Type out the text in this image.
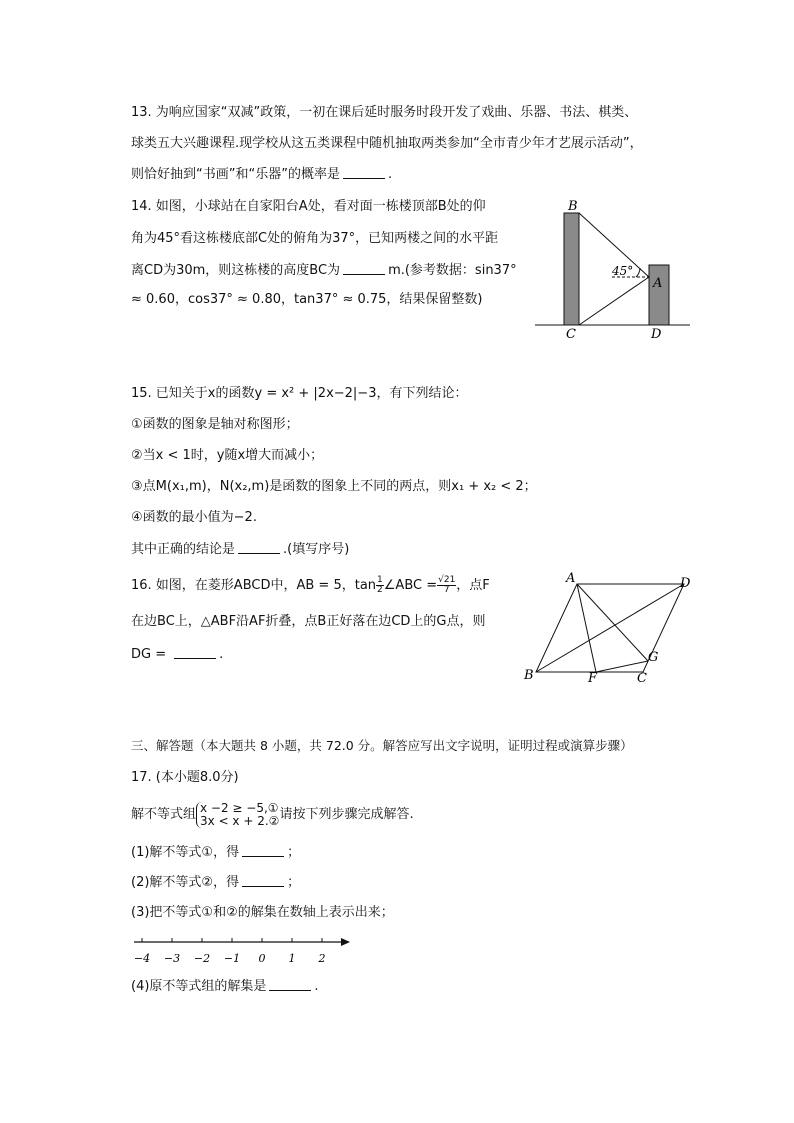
13. 为响应国家“双减”政策，一初在课后延时服务时段开发了戏曲、乐器、书法、棋类、
球类五大兴趣课程.现学校从这五类课程中随机抽取两类参加“全市青少年才艺展示活动”，
则恰好抽到“书画”和“乐器”的概率是	.
14. 如图，小球站在自家阳台A处，看对面一栋楼顶部B处的仰
角为45°看这栋楼底部C处的俯角为37°，已知两楼之间的水平距
离CD为30m，则这栋楼的高度BC为	m.(参考数据：sin37°
≈ 0.60，cos37° ≈ 0.80，tan37° ≈ 0.75，结果保留整数)
B
A
C	D
45°
15. 已知关于x的函数y = x² + |2x−2|−3，有下列结论：
①函数的图象是轴对称图形；
②当x < 1时，y随x增大而减小；
③点M(x₁,m)，N(x₂,m)是函数的图象上不同的两点，则x₁ + x₂ < 2；
④函数的最小值为−2.
其中正确的结论是	.(填写序号)
16. 如图，在菱形ABCD中，AB = 5，$\tan \frac{1}{2}$ ∠ABC = $\frac{√21}{7}$ ，点F
在边BC上，△ABF沿AF折叠，点B正好落在边CD上的G点，则
DG =	.
A	D
B	F	C
G
三、解答题（本大题共 8 小题，共 72.0 分。解答应写出文字说明，证明过程或演算步骤）
17. (本小题8.0分)
解不等式组 x −2 ≥ −5,①
3x < x + 2.② 请按下列步骤完成解答.
(1)解不等式①，得	；
(2)解不等式②，得	；
(3)把不等式①和②的解集在数轴上表示出来；
−4 −3 −2 −1 0 1 2
(4)原不等式组的解集是	.
